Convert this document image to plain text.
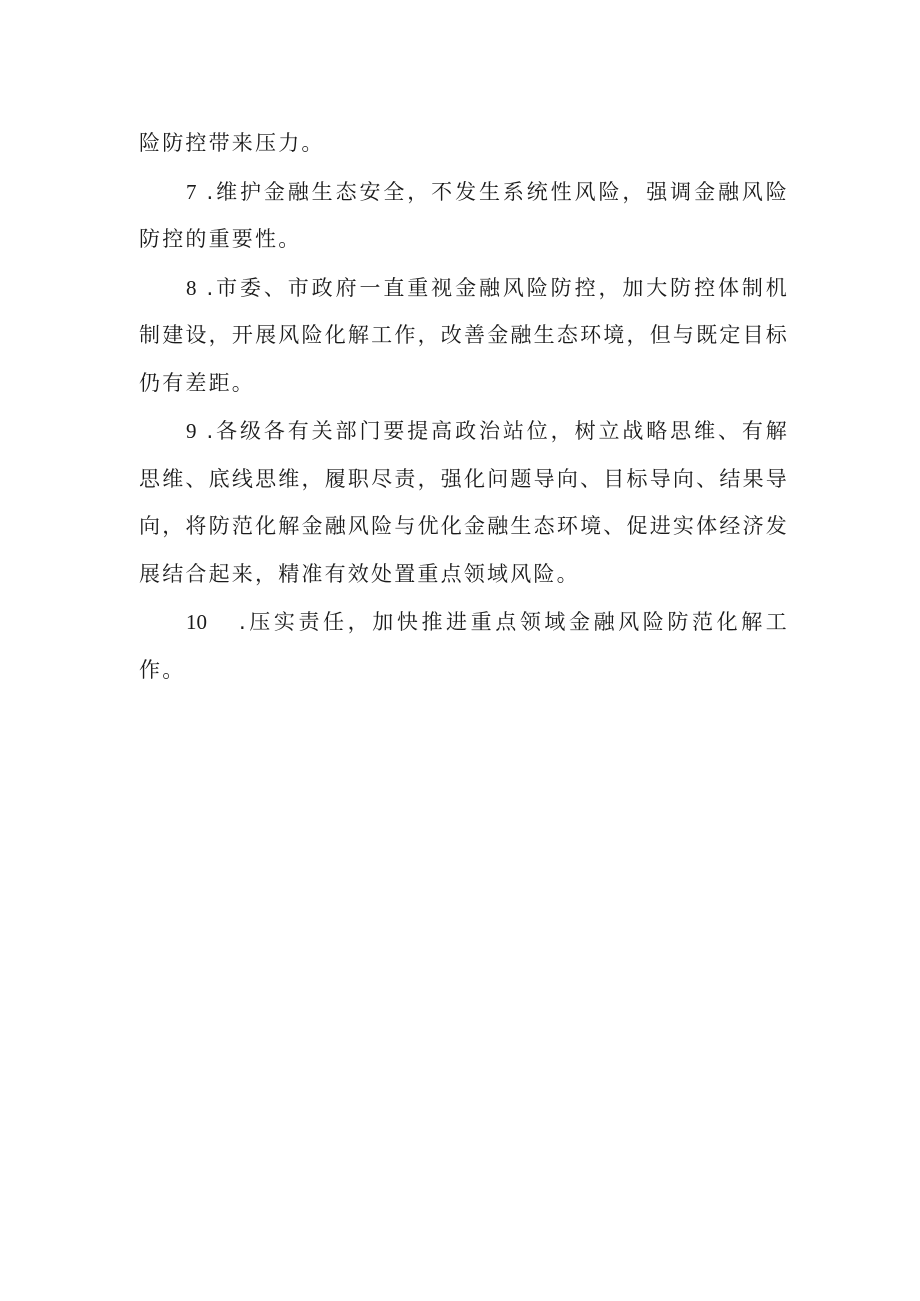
险防控带来压力。

7 .维护金融生态安全，不发生系统性风险，强调金融风险防控的重要性。

8 .市委、市政府一直重视金融风险防控，加大防控体制机制建设，开展风险化解工作，改善金融生态环境，但与既定目标仍有差距。

9 .各级各有关部门要提高政治站位，树立战略思维、有解思维、底线思维，履职尽责，强化问题导向、目标导向、结果导向，将防范化解金融风险与优化金融生态环境、促进实体经济发展结合起来，精准有效处置重点领域风险。

10 .压实责任，加快推进重点领域金融风险防范化解工作。
